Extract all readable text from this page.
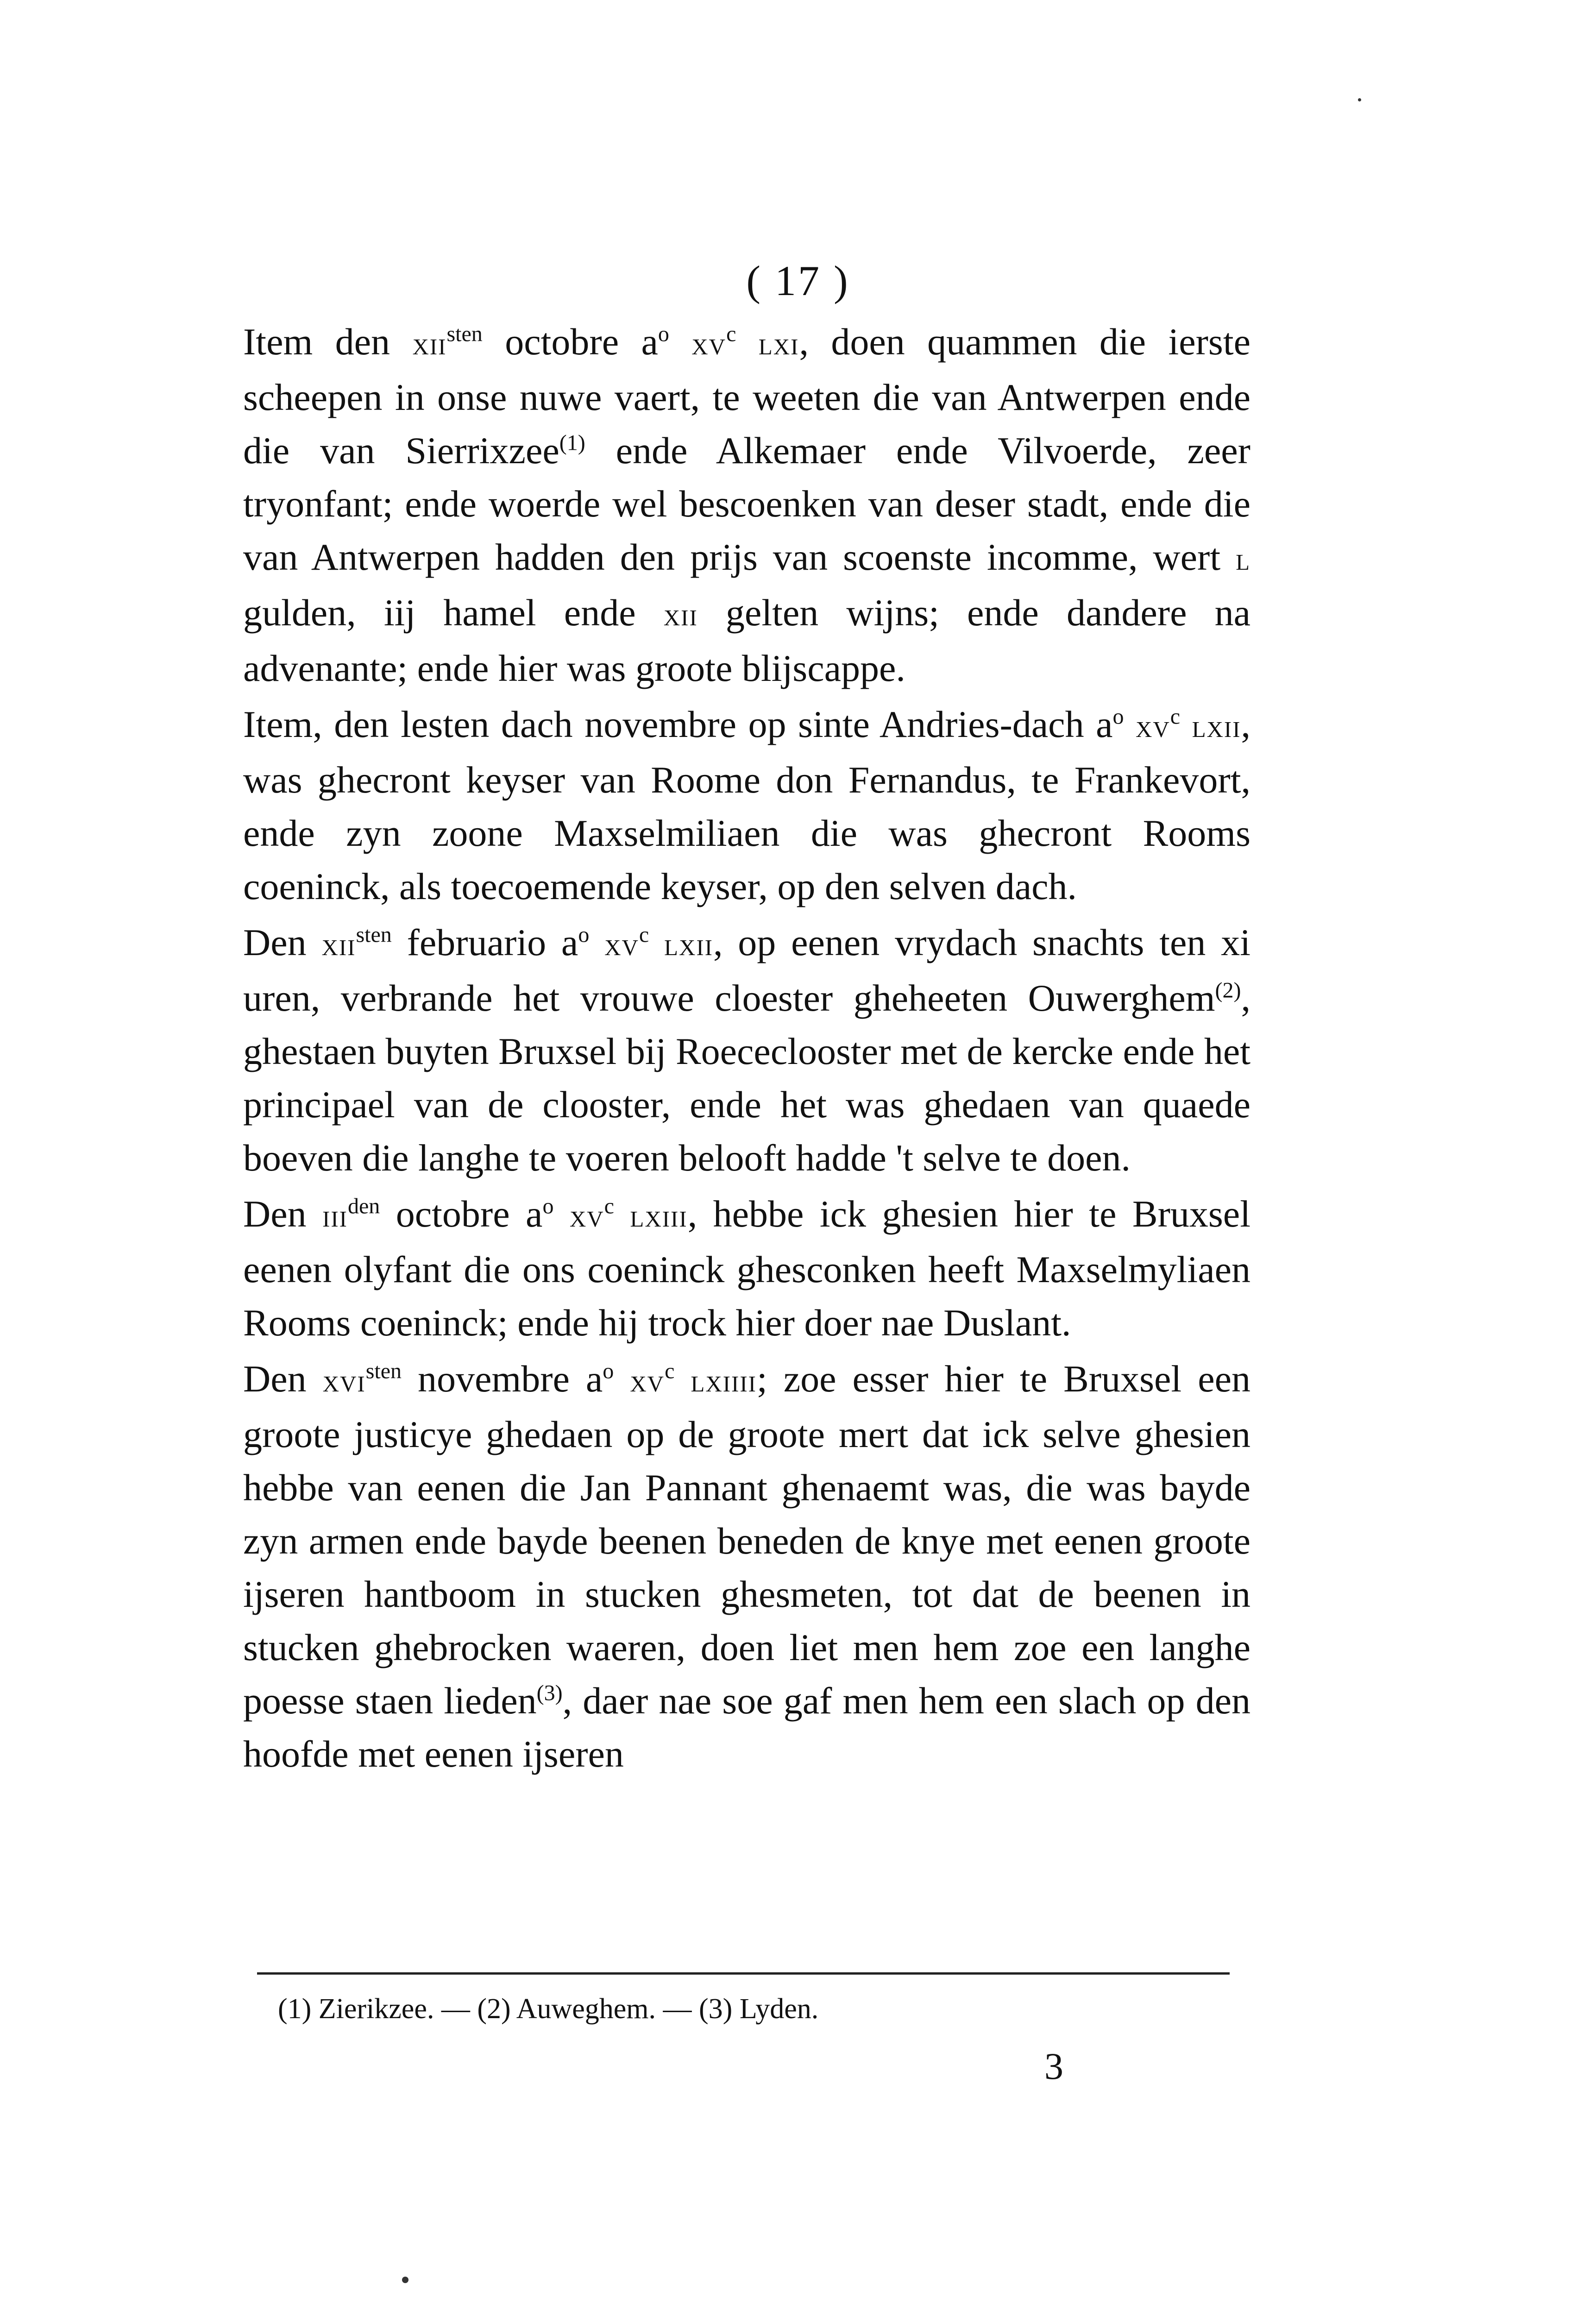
( 17 )

Item den xii$^{sten}$ octobre $a^o$ $xv^c$ lxi, doen quammen die ierste scheepen in onse nuwe vaert, te weeten die van Antwerpen ende die van Sierrixzee$^{(1)}$ ende Alkemaer ende Vilvoerde, zeer tryonfant; ende woerde wel bescoenken van deser stadt, ende die van Antwerpen hadden den prijs van scoenste incomme, wert l gulden, iij hamel ende xii gelten wijns; ende dandere na advenante; ende hier was groote blijscappe.

Item, den lesten dach novembre op sinte Andries-dach $a^o$ $xv^c$ lxii, was ghecront keyser van Roome don Fernandus, te Frankevort, ende zyn zoone Maxselmiliaen die was ghecront Rooms coeninck, als toecoemende keyser, op den selven dach.

Den xii$^{sten}$ februario $a^o$ $xv^c$ lxii, op eenen vrydach snachts ten xi uren, verbrande het vrouwe cloester gheheeten Ouwerghem$^{(2)}$, ghestaen buyten Bruxsel bij Roececlooster met de kercke ende het principael van de clooster, ende het was ghedaen van quaede boeven die langhe te voeren belooft hadde 't selve te doen.

Den iii$^{den}$ octobre $a^o$ $xv^c$ lxiii, hebbe ick ghesien hier te Bruxsel eenen olyfant die ons coeninck ghesconken heeft Maxselmyliaen Rooms coeninck; ende hij trock hier doer nae Duslant.

Den xvi$^{sten}$ novembre $a^o$ $xv^c$ lxiiii; zoe esser hier te Bruxsel een groote justicye ghedaen op de groote mert dat ick selve ghesien hebbe van eenen die Jan Pannant ghenaemt was, die was bayde zyn armen ende bayde beenen beneden de knye met eenen groote ijseren hantboom in stucken ghesmeten, tot dat de beenen in stucken ghebrocken waeren, doen liet men hem zoe een langhe poesse staen lieden$^{(3)}$, daer nae soe gaf men hem een slach op den hoofde met eenen ijseren

(1) Zierikzee. — (2) Auweghem. — (3) Lyden.
3
